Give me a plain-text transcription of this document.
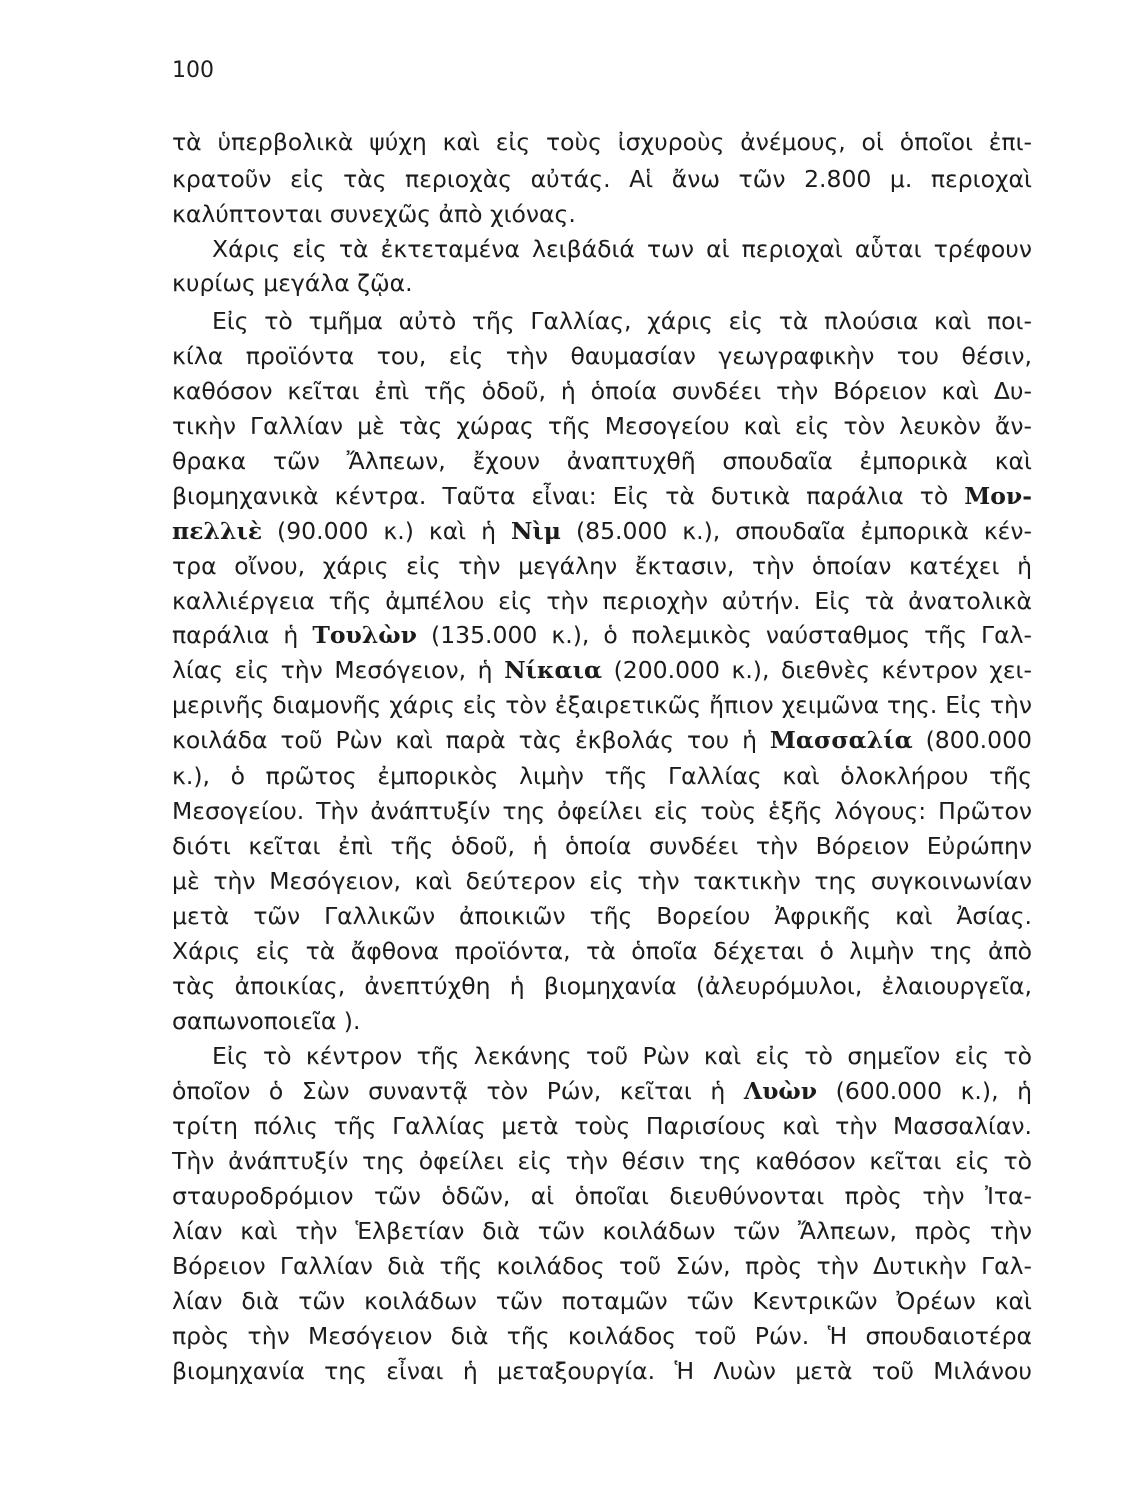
100
τὰ ὑπερβολικὰ ψύχη καὶ εἰς τοὺς ἰσχυροὺς ἀνέμους, οἱ ὁποῖοι ἐπι-
κρατοῦν εἰς τὰς περιοχὰς αὐτάς. Αἱ ἄνω τῶν 2.800 μ. περιοχαὶ
καλύπτονται συνεχῶς ἀπὸ χιόνας.
Χάρις εἰς τὰ ἐκτεταμένα λειβάδιά των αἱ περιοχαὶ αὗται τρέφουν
κυρίως μεγάλα ζῷα.
Εἰς τὸ τμῆμα αὐτὸ τῆς Γαλλίας, χάρις εἰς τὰ πλούσια καὶ ποι-
κίλα προϊόντα του, εἰς τὴν θαυμασίαν γεωγραφικὴν του θέσιν,
καθόσον κεῖται ἐπὶ τῆς ὁδοῦ, ἡ ὁποία συνδέει τὴν Βόρειον καὶ Δυ-
τικὴν Γαλλίαν μὲ τὰς χώρας τῆς Μεσογείου καὶ εἰς τὸν λευκὸν ἄν-
θρακα τῶν Ἄλπεων, ἔχουν ἀναπτυχθῆ σπουδαῖα ἐμπορικὰ καὶ
βιομηχανικὰ κέντρα. Ταῦτα εἶναι: Εἰς τὰ δυτικὰ παράλια τὸ Μον-
πελλιὲ (90.000 κ.) καὶ ἡ Νὶμ (85.000 κ.), σπουδαῖα ἐμπορικὰ κέν-
τρα οἴνου, χάρις εἰς τὴν μεγάλην ἔκτασιν, τὴν ὁποίαν κατέχει ἡ
καλλιέργεια τῆς ἀμπέλου εἰς τὴν περιοχὴν αὐτήν. Εἰς τὰ ἀνατολικὰ
παράλια ἡ Τουλὼν (135.000 κ.), ὁ πολεμικὸς ναύσταθμος τῆς Γαλ-
λίας εἰς τὴν Μεσόγειον, ἡ Νίκαια (200.000 κ.), διεθνὲς κέντρον χει-
μερινῆς διαμονῆς χάρις εἰς τὸν ἐξαιρετικῶς ἤπιον χειμῶνα της. Εἰς τὴν
κοιλάδα τοῦ Ρὼν καὶ παρὰ τὰς ἐκβολάς του ἡ Μασσαλία (800.000
κ.), ὁ πρῶτος ἐμπορικὸς λιμὴν τῆς Γαλλίας καὶ ὁλοκλήρου τῆς
Μεσογείου. Τὴν ἀνάπτυξίν της ὀφείλει εἰς τοὺς ἑξῆς λόγους: Πρῶτον
διότι κεῖται ἐπὶ τῆς ὁδοῦ, ἡ ὁποία συνδέει τὴν Βόρειον Εὐρώπην
μὲ τὴν Μεσόγειον, καὶ δεύτερον εἰς τὴν τακτικὴν της συγκοινωνίαν
μετὰ τῶν Γαλλικῶν ἀποικιῶν τῆς Βορείου Ἀφρικῆς καὶ Ἀσίας.
Χάρις εἰς τὰ ἄφθονα προϊόντα, τὰ ὁποῖα δέχεται ὁ λιμὴν της ἀπὸ
τὰς ἀποικίας, ἀνεπτύχθη ἡ βιομηχανία (ἀλευρόμυλοι, ἐλαιουργεῖα,
σαπωνοποιεῖα ).
Εἰς τὸ κέντρον τῆς λεκάνης τοῦ Ρὼν καὶ εἰς τὸ σημεῖον εἰς τὸ
ὁποῖον ὁ Σὼν συναντᾷ τὸν Ρών, κεῖται ἡ Λυὼν (600.000 κ.), ἡ
τρίτη πόλις τῆς Γαλλίας μετὰ τοὺς Παρισίους καὶ τὴν Μασσαλίαν.
Τὴν ἀνάπτυξίν της ὀφείλει εἰς τὴν θέσιν της καθόσον κεῖται εἰς τὸ
σταυροδρόμιον τῶν ὁδῶν, αἱ ὁποῖαι διευθύνονται πρὸς τὴν Ἰτα-
λίαν καὶ τὴν Ἑλβετίαν διὰ τῶν κοιλάδων τῶν Ἄλπεων, πρὸς τὴν
Βόρειον Γαλλίαν διὰ τῆς κοιλάδος τοῦ Σών, πρὸς τὴν Δυτικὴν Γαλ-
λίαν διὰ τῶν κοιλάδων τῶν ποταμῶν τῶν Κεντρικῶν Ὀρέων καὶ
πρὸς τὴν Μεσόγειον διὰ τῆς κοιλάδος τοῦ Ρών. Ἡ σπουδαιοτέρα
βιομηχανία της εἶναι ἡ μεταξουργία. Ἡ Λυὼν μετὰ τοῦ Μιλάνου
